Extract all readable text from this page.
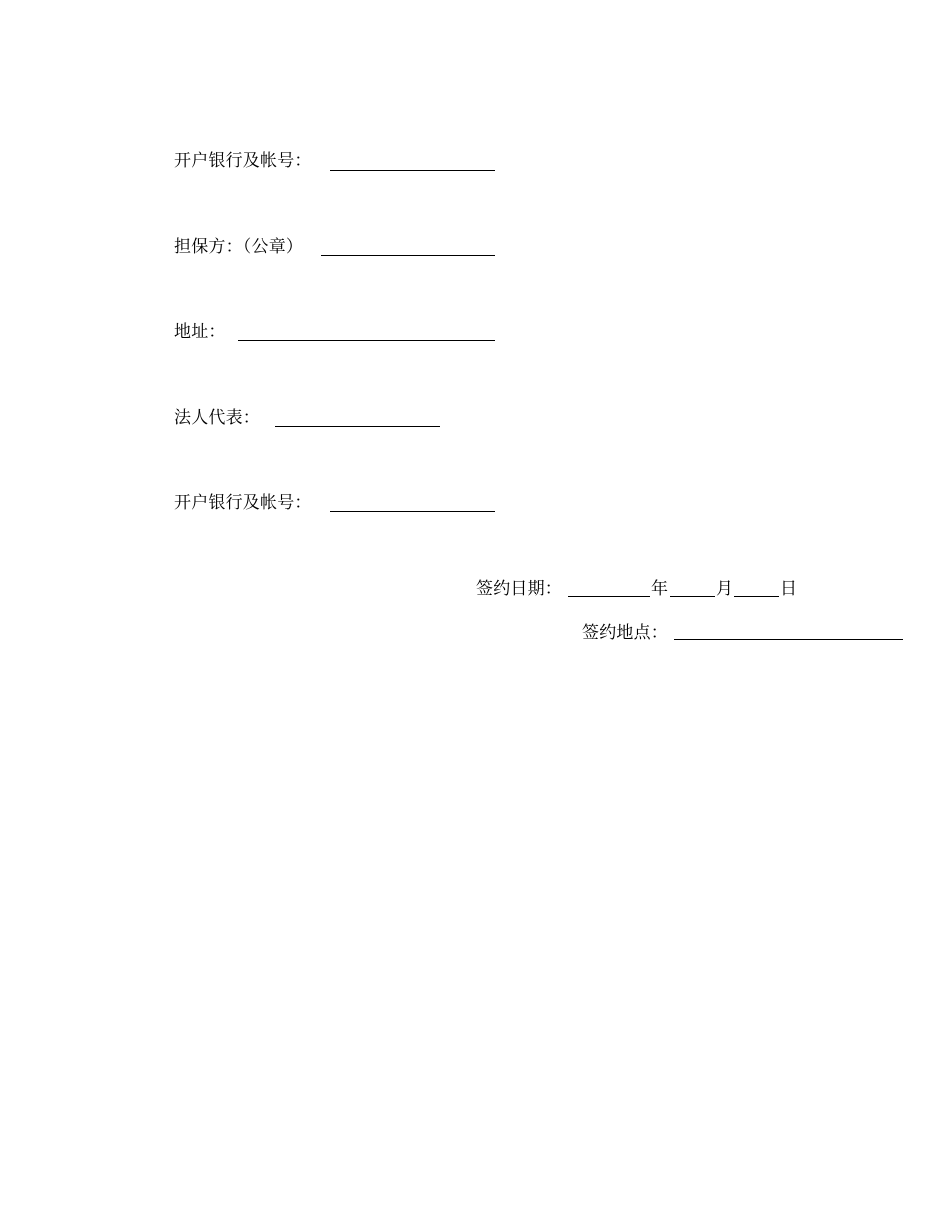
开户银行及帐号：
担保方：（公章）
地址：
法人代表：
开户银行及帐号：
签约日期：	年	月	日
签约地点：
